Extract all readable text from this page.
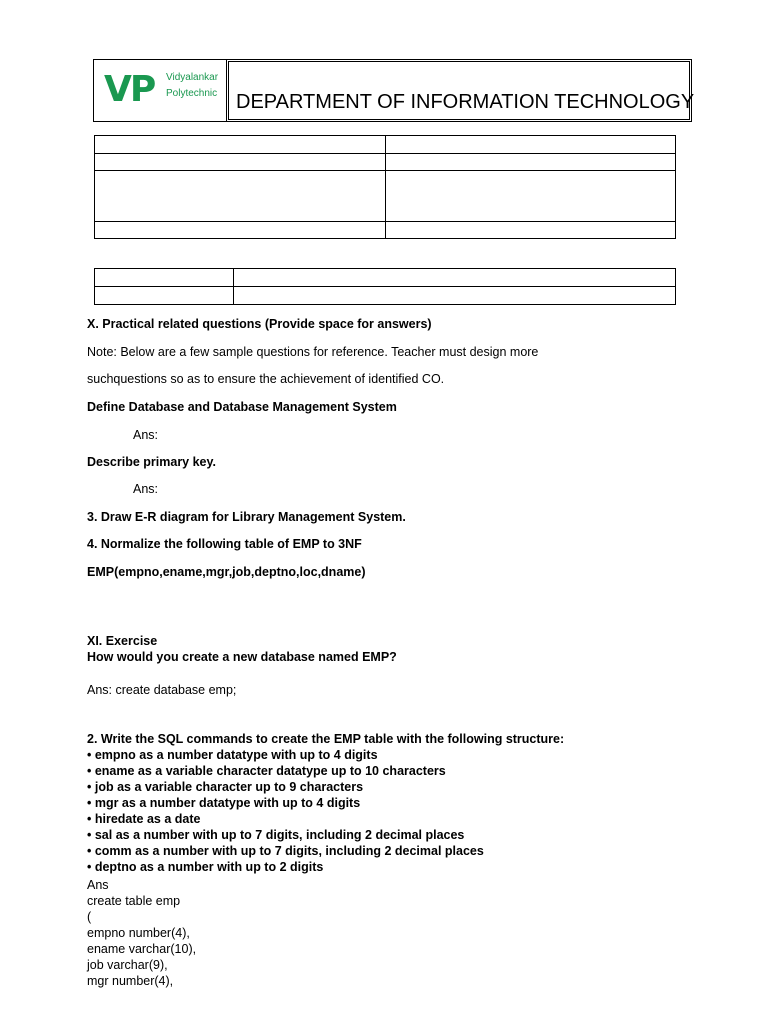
VP Vidyalankar
Polytechnic DEPARTMENT OF INFORMATION TECHNOLOGY

X. Practical related questions (Provide space for answers)
Note: Below are a few sample questions for reference. Teacher must design more
suchquestions so as to ensure the achievement of identified CO.
Define Database and Database Management System
Ans:
Describe primary key.
Ans:
3. Draw E-R diagram for Library Management System.
4. Normalize the following table of EMP to 3NF
EMP(empno,ename,mgr,job,deptno,loc,dname)
XI. Exercise
How would you create a new database named EMP?
Ans: create database emp;
2. Write the SQL commands to create the EMP table with the following structure:
• empno as a number datatype with up to 4 digits
• ename as a variable character datatype up to 10 characters
• job as a variable character up to 9 characters
• mgr as a number datatype with up to 4 digits
• hiredate as a date
• sal as a number with up to 7 digits, including 2 decimal places
• comm as a number with up to 7 digits, including 2 decimal places
• deptno as a number with up to 2 digits
Ans
create table emp
(
empno number(4),
ename varchar(10),
job varchar(9),
mgr number(4),
